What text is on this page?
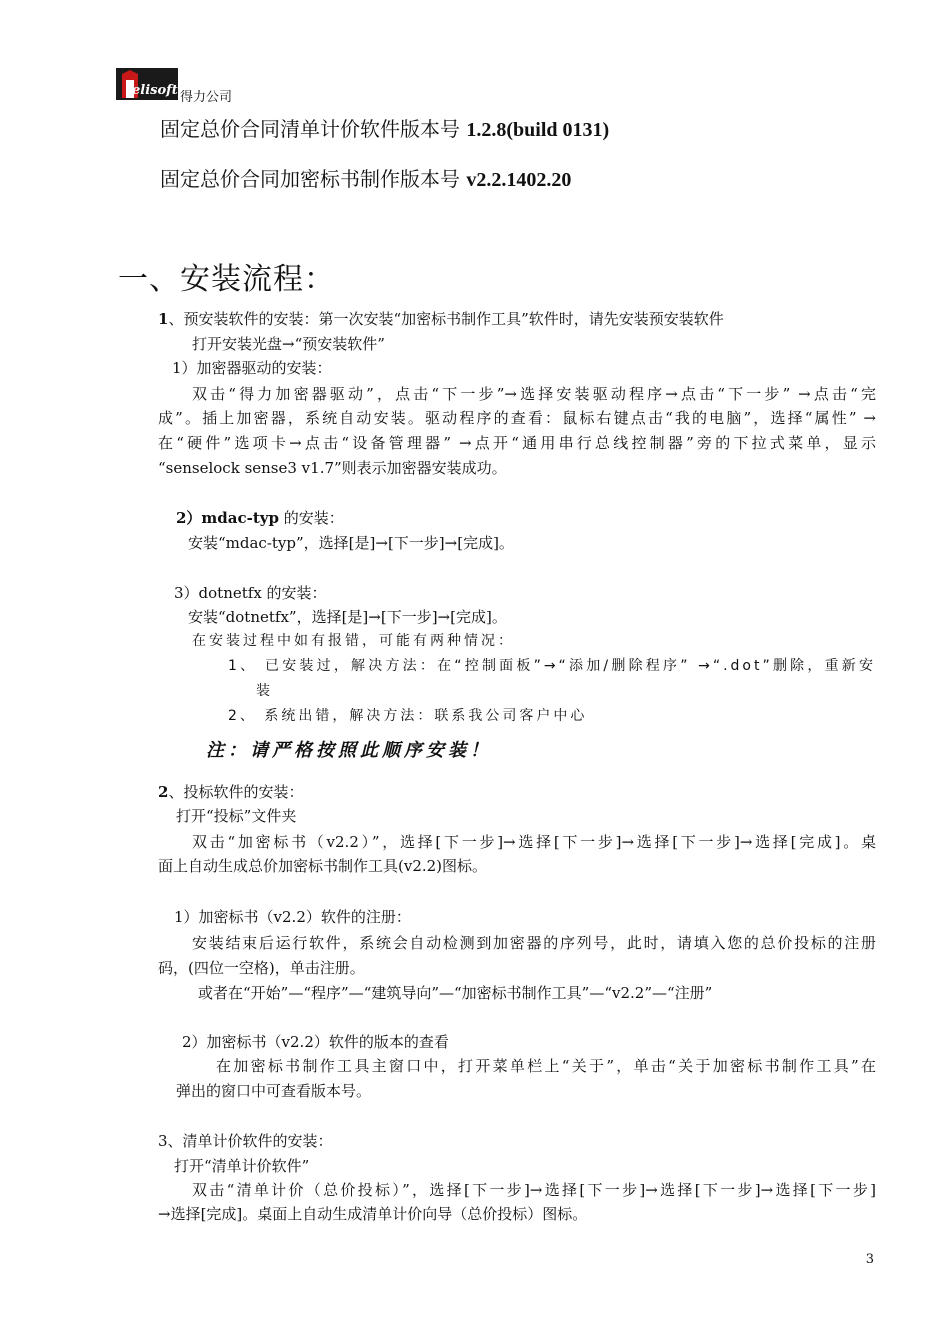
elisoft 得力公司
固定总价合同清单计价软件版本号 1.2.8(build 0131)
固定总价合同加密标书制作版本号 v2.2.1402.20
一、安装流程：
1、预安装软件的安装：第一次安装“加密标书制作工具”软件时，请先安装预安装软件
打开安装光盘→“预安装软件”
1）加密器驱动的安装：
双击“得力加密器驱动”，点击“下一步”→选择安装驱动程序→点击“下一步” →点击“完
成”。插上加密器，系统自动安装。驱动程序的查看：鼠标右键点击“我的电脑”，选择“属性” →
在“硬件”选项卡→点击“设备管理器” →点开“通用串行总线控制器”旁的下拉式菜单，显示
“senselock sense3 v1.7”则表示加密器安装成功。
2）mdac-typ 的安装：
安装“mdac-typ”，选择[是]→[下一步]→[完成]。
3）dotnetfx 的安装：
安装“dotnetfx”，选择[是]→[下一步]→[完成]。
在安装过程中如有报错，可能有两种情况：
1、 已安装过，解决方法：在“控制面板”→“添加/删除程序” →“.dot”删除，重新安
装
2、 系统出错，解决方法：联系我公司客户中心
注：请严格按照此顺序安装！
2、投标软件的安装：
打开“投标”文件夹
双击“加密标书（v2.2）”，选择[下一步]→选择[下一步]→选择[下一步]→选择[完成]。桌
面上自动生成总价加密标书制作工具(v2.2)图标。
1）加密标书（v2.2）软件的注册：
安装结束后运行软件，系统会自动检测到加密器的序列号，此时，请填入您的总价投标的注册
码，(四位一空格)，单击注册。
或者在“开始”—“程序”—“建筑导向”—“加密标书制作工具”—“v2.2”—“注册”
2）加密标书（v2.2）软件的版本的查看
在加密标书制作工具主窗口中，打开菜单栏上“关于”，单击“关于加密标书制作工具”在
弹出的窗口中可查看版本号。
3、清单计价软件的安装：
打开“清单计价软件”
双击“清单计价（总价投标）”，选择[下一步]→选择[下一步]→选择[下一步]→选择[下一步]
→选择[完成]。桌面上自动生成清单计价向导（总价投标）图标。
3
